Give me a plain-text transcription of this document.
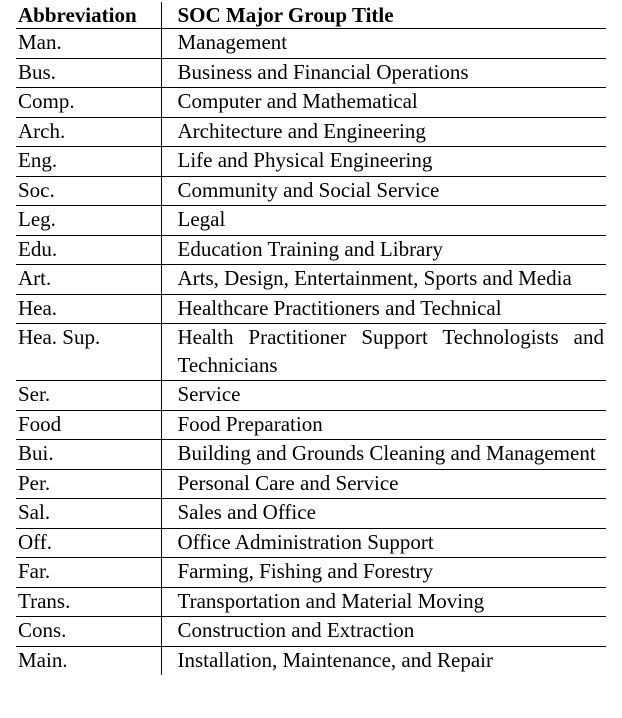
Abbreviation	SOC Major Group Title
Man.	Management
Bus.	Business and Financial Operations
Comp.	Computer and Mathematical
Arch.	Architecture and Engineering
Eng.	Life and Physical Engineering
Soc.	Community and Social Service
Leg.	Legal
Edu.	Education Training and Library
Art.	Arts, Design, Entertainment, Sports and Media
Hea.	Healthcare Practitioners and Technical
Hea. Sup.	Health Practitioner Support Technologists and Technicians
Ser.	Service
Food	Food Preparation
Bui.	Building and Grounds Cleaning and Management
Per.	Personal Care and Service
Sal.	Sales and Office
Off.	Office Administration Support
Far.	Farming, Fishing and Forestry
Trans.	Transportation and Material Moving
Cons.	Construction and Extraction
Main.	Installation, Maintenance, and Repair
